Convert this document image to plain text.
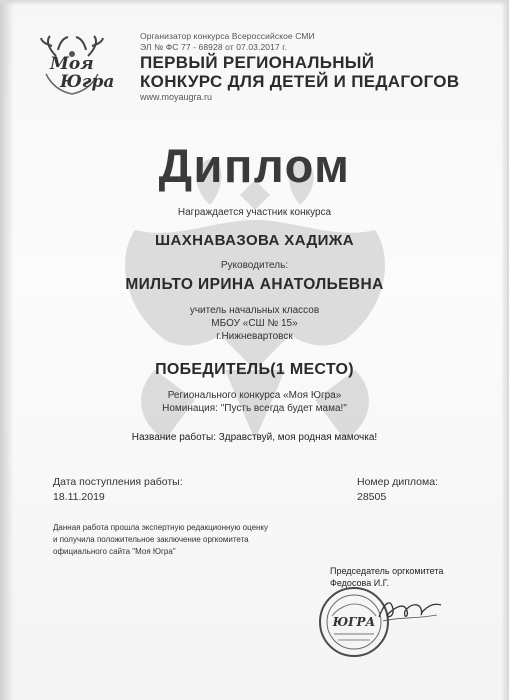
Моя
Югра
Организатор конкурса Всероссийское СМИ
ЭЛ № ФС 77 - 68928 от 07.03.2017 г.
ПЕРВЫЙ РЕГИОНАЛЬНЫЙ
КОНКУРС ДЛЯ ДЕТЕЙ И ПЕДАГОГОВ
www.moyaugra.ru
Диплом
Награждается участник конкурса
ШАХНАВАЗОВА ХАДИЖА
Руководитель:
МИЛЬТО ИРИНА АНАТОЛЬЕВНА
учитель начальных классов
МБОУ «СШ № 15»
г.Нижневартовск
ПОБЕДИТЕЛЬ(1 МЕСТО)
Регионального конкурса «Моя Югра»
Номинация: "Пусть всегда будет мама!"
Название работы: Здравствуй, моя родная мамочка!
Дата поступления работы:
18.11.2019
Номер диплома:
28505
Данная работа прошла экспертную редакционную оценку
и получила положительное заключение оргкомитета
официального сайта "Моя Югра"
Председатель оргкомитета
Федосова И.Г.
ЮГРА
